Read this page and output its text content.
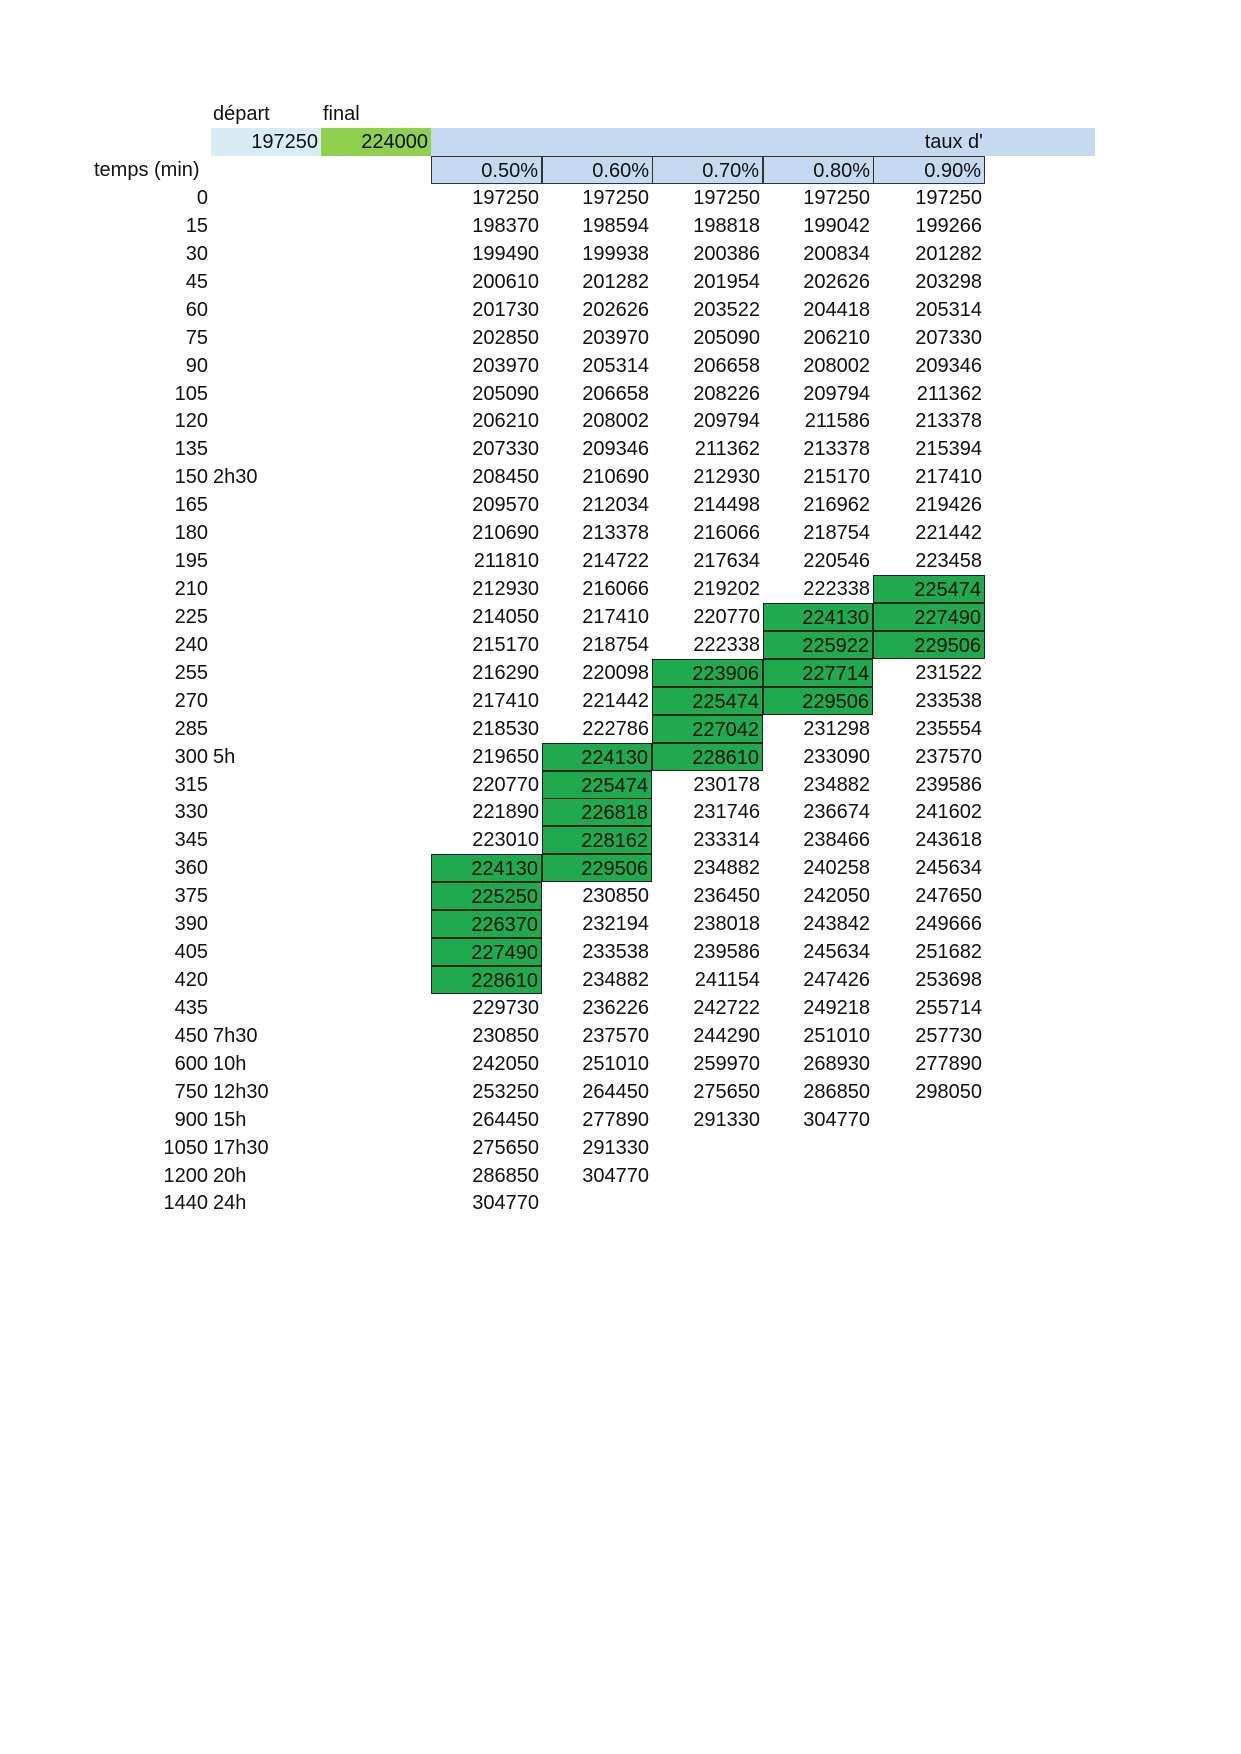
départ	final
197250	224000	taux d'
temps (min)	0.50%	0.60%	0.70%	0.80%	0.90%
0	197250	197250	197250	197250	197250
15	198370	198594	198818	199042	199266
30	199490	199938	200386	200834	201282
45	200610	201282	201954	202626	203298
60	201730	202626	203522	204418	205314
75	202850	203970	205090	206210	207330
90	203970	205314	206658	208002	209346
105	205090	206658	208226	209794	211362
120	206210	208002	209794	211586	213378
135	207330	209346	211362	213378	215394
150 2h30	208450	210690	212930	215170	217410
165	209570	212034	214498	216962	219426
180	210690	213378	216066	218754	221442
195	211810	214722	217634	220546	223458
210	212930	216066	219202	222338	225474
225	214050	217410	220770	224130	227490
240	215170	218754	222338	225922	229506
255	216290	220098	223906	227714	231522
270	217410	221442	225474	229506	233538
285	218530	222786	227042	231298	235554
300 5h	219650	224130	228610	233090	237570
315	220770	225474	230178	234882	239586
330	221890	226818	231746	236674	241602
345	223010	228162	233314	238466	243618
360	224130	229506	234882	240258	245634
375	225250	230850	236450	242050	247650
390	226370	232194	238018	243842	249666
405	227490	233538	239586	245634	251682
420	228610	234882	241154	247426	253698
435	229730	236226	242722	249218	255714
450 7h30	230850	237570	244290	251010	257730
600 10h	242050	251010	259970	268930	277890
750 12h30	253250	264450	275650	286850	298050
900 15h	264450	277890	291330	304770
1050 17h30	275650	291330
1200 20h	286850	304770
1440 24h	304770
